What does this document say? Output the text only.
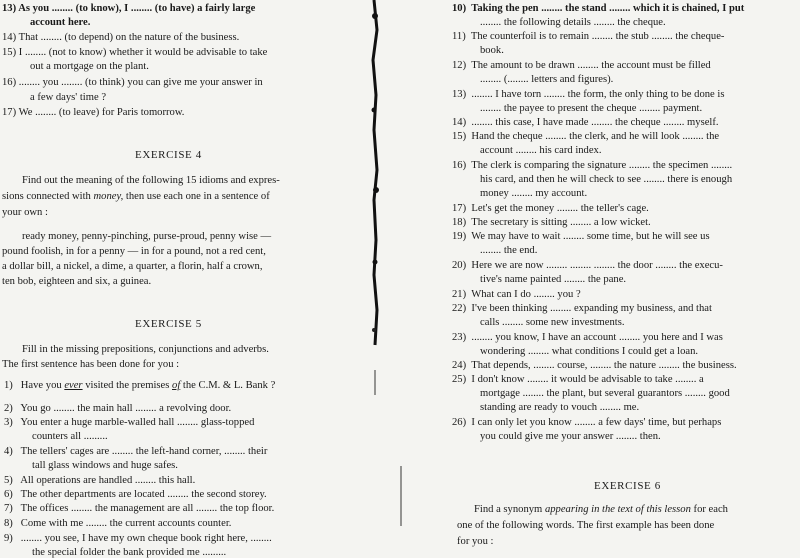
13) As you ........ (to know), I ........ (to have) a fairly large
account here.
14) That ........ (to depend) on the nature of the business.
15) I ........ (not to know) whether it would be advisable to take
out a mortgage on the plant.
16) ........ you ........ (to think) you can give me your answer in
a few days' time ?
17) We ........ (to leave) for Paris tomorrow.
EXERCISE 4
Find out the meaning of the following 15 idioms and expres-
sions connected with money, then use each one in a sentence of
your own :
ready money, penny-pinching, purse-proud, penny wise —
pound foolish, in for a penny — in for a pound, not a red cent,
a dollar bill, a nickel, a dime, a quarter, a florin, half a crown,
ten bob, eighteen and six, a guinea.
EXERCISE 5
Fill in the missing prepositions, conjunctions and adverbs.
The first sentence has been done for you :
1) Have you ever visited the premises of the C.M. & L. Bank ?
2) You go ........ the main hall ........ a revolving door.
3) You enter a huge marble-walled hall ........ glass-topped
counters all .........
4) The tellers' cages are ........ the left-hand corner, ........ their
tall glass windows and huge safes.
5) All operations are handled ........ this hall.
6) The other departments are located ........ the second storey.
7) The offices ........ the management are all ........ the top floor.
8) Come with me ........ the current accounts counter.
9) ........ you see, I have my own cheque book right here, ........
the special folder the bank provided me .........
10) Taking the pen ........ the stand ........ which it is chained, I put
........ the following details ........ the cheque.
11) The counterfoil is to remain ........ the stub ........ the cheque-
book.
12) The amount to be drawn ........ the account must be filled
........ (........ letters and figures).
13) ........ I have torn ........ the form, the only thing to be done is
........ the payee to present the cheque ........ payment.
14) ........ this case, I have made ........ the cheque ........ myself.
15) Hand the cheque ........ the clerk, and he will look ........ the
account ........ his card index.
16) The clerk is comparing the signature ........ the specimen ........
his card, and then he will check to see ........ there is enough
money ........ my account.
17) Let's get the money ........ the teller's cage.
18) The secretary is sitting ........ a low wicket.
19) We may have to wait ........ some time, but he will see us
........ the end.
20) Here we are now ........ ........ ........ the door ........ the execu-
tive's name painted ........ the pane.
21) What can I do ........ you ?
22) I've been thinking ........ expanding my business, and that
calls ........ some new investments.
23) ........ you know, I have an account ........ you here and I was
wondering ........ what conditions I could get a loan.
24) That depends, ........ course, ........ the nature ........ the business.
25) I don't know ........ it would be advisable to take ........ a
mortgage ........ the plant, but several guarantors ........ good
standing are ready to vouch ........ me.
26) I can only let you know ........ a few days' time, but perhaps
you could give me your answer ........ then.
EXERCISE 6
Find a synonym appearing in the text of this lesson for each
one of the following words. The first example has been done
for you :
